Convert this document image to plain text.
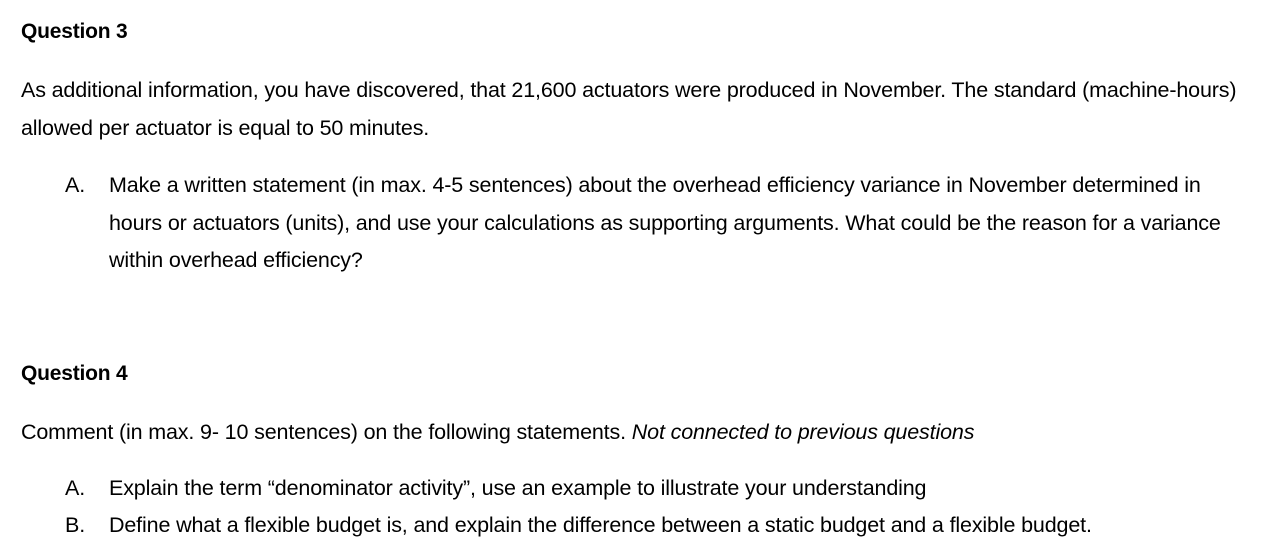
Question 3
As additional information, you have discovered, that 21,600 actuators were produced in November. The standard (machine-hours) allowed per actuator is equal to 50 minutes.
A.	Make a written statement (in max. 4-5 sentences) about the overhead efficiency variance in November determined in hours or actuators (units), and use your calculations as supporting arguments. What could be the reason for a variance within overhead efficiency?
Question 4
Comment (in max. 9- 10 sentences) on the following statements. Not connected to previous questions
A.	Explain the term “denominator activity”, use an example to illustrate your understanding
B.	Define what a flexible budget is, and explain the difference between a static budget and a flexible budget.
